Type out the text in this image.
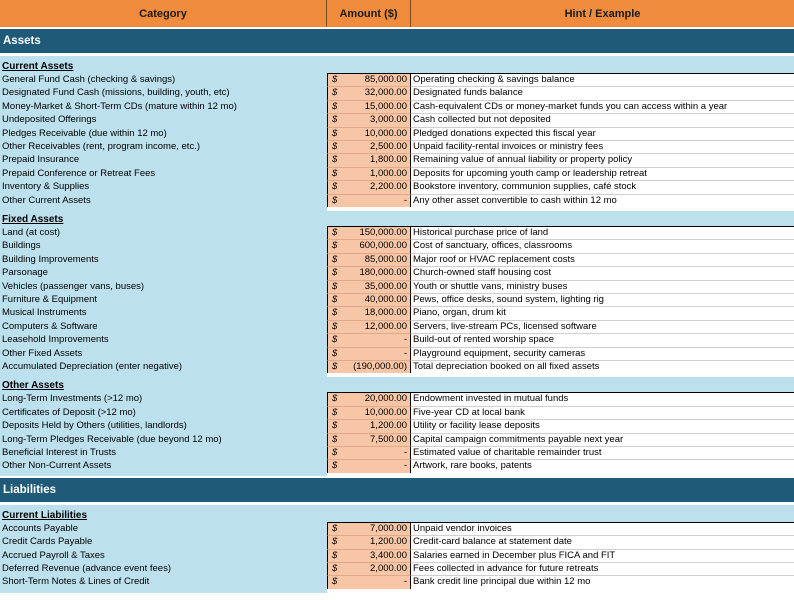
Category	Amount ($)	Hint / Example
Assets
Current Assets
General Fund Cash (checking & savings)	$	85,000.00 Operating checking & savings balance
Designated Fund Cash (missions, building, youth, etc)	$	32,000.00 Designated funds balance
Money-Market & Short-Term CDs (mature within 12 mo)	$	15,000.00 Cash-equivalent CDs or money-market funds you can access within a year
Undeposited Offerings	$	3,000.00 Cash collected but not deposited
Pledges Receivable (due within 12 mo)	$	10,000.00 Pledged donations expected this fiscal year
Other Receivables (rent, program income, etc.)	$	2,500.00 Unpaid facility-rental invoices or ministry fees
Prepaid Insurance	$	1,800.00 Remaining value of annual liability or property policy
Prepaid Conference or Retreat Fees	$	1,000.00 Deposits for upcoming youth camp or leadership retreat
Inventory & Supplies	$	2,200.00 Bookstore inventory, communion supplies, café stock
Other Current Assets	$	- Any other asset convertible to cash within 12 mo
Fixed Assets
Land (at cost)	$ 150,000.00 Historical purchase price of land
Buildings	$ 600,000.00 Cost of sanctuary, offices, classrooms
Building Improvements	$	85,000.00 Major roof or HVAC replacement costs
Parsonage	$ 180,000.00 Church-owned staff housing cost
Vehicles (passenger vans, buses)	$	35,000.00 Youth or shuttle vans, ministry buses
Furniture & Equipment	$	40,000.00 Pews, office desks, sound system, lighting rig
Musical Instruments	$	18,000.00 Piano, organ, drum kit
Computers & Software	$	12,000.00 Servers, live-stream PCs, licensed software
Leasehold Improvements	$	- Build-out of rented worship space
Other Fixed Assets	$	- Playground equipment, security cameras
Accumulated Depreciation (enter negative)	$ (190,000.00) Total depreciation booked on all fixed assets
Other Assets
Long-Term Investments (>12 mo)	$	20,000.00 Endowment invested in mutual funds
Certificates of Deposit (>12 mo)	$	10,000.00 Five-year CD at local bank
Deposits Held by Others (utilities, landlords)	$	1,200.00 Utility or facility lease deposits
Long-Term Pledges Receivable (due beyond 12 mo)	$	7,500.00 Capital campaign commitments payable next year
Beneficial Interest in Trusts	$	- Estimated value of charitable remainder trust
Other Non-Current Assets	$	- Artwork, rare books, patents
Liabilities
Current Liabilities
Accounts Payable	$	7,000.00 Unpaid vendor invoices
Credit Cards Payable	$	1,200.00 Credit-card balance at statement date
Accrued Payroll & Taxes	$	3,400.00 Salaries earned in December plus FICA and FIT
Deferred Revenue (advance event fees)	$	2,000.00 Fees collected in advance for future retreats
Short-Term Notes & Lines of Credit	$	- Bank credit line principal due within 12 mo
